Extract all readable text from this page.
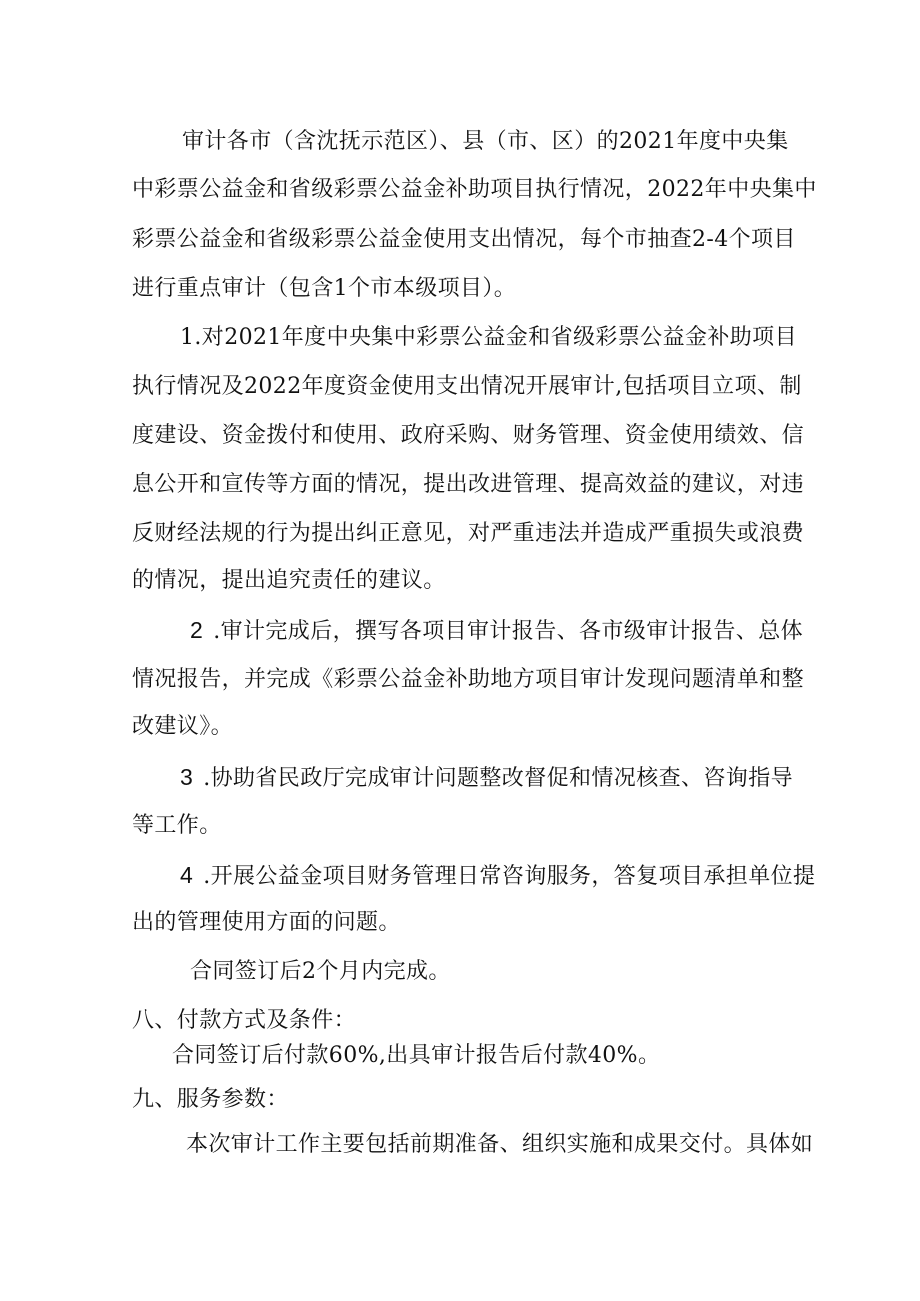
审计各市（含沈抚示范区）、县（市、区）的2021年度中央集
中彩票公益金和省级彩票公益金补助项目执行情况，2022年中央集中
彩票公益金和省级彩票公益金使用支出情况，每个市抽查2-4个项目
进行重点审计（包含1个市本级项目）。
1.对2021年度中央集中彩票公益金和省级彩票公益金补助项目
执行情况及2022年度资金使用支出情况开展审计,包括项目立项、制
度建设、资金拨付和使用、政府采购、财务管理、资金使用绩效、信
息公开和宣传等方面的情况，提出改进管理、提高效益的建议，对违
反财经法规的行为提出纠正意见，对严重违法并造成严重损失或浪费
的情况，提出追究责任的建议。
2 .审计完成后，撰写各项目审计报告、各市级审计报告、总体
情况报告，并完成《彩票公益金补助地方项目审计发现问题清单和整
改建议》。
3 .协助省民政厅完成审计问题整改督促和情况核查、咨询指导
等工作。
4 .开展公益金项目财务管理日常咨询服务，答复项目承担单位提
出的管理使用方面的问题。
合同签订后2个月内完成。
八、付款方式及条件：
合同签订后付款60%,出具审计报告后付款40%。
九、服务参数：
本次审计工作主要包括前期准备、组织实施和成果交付。具体如
